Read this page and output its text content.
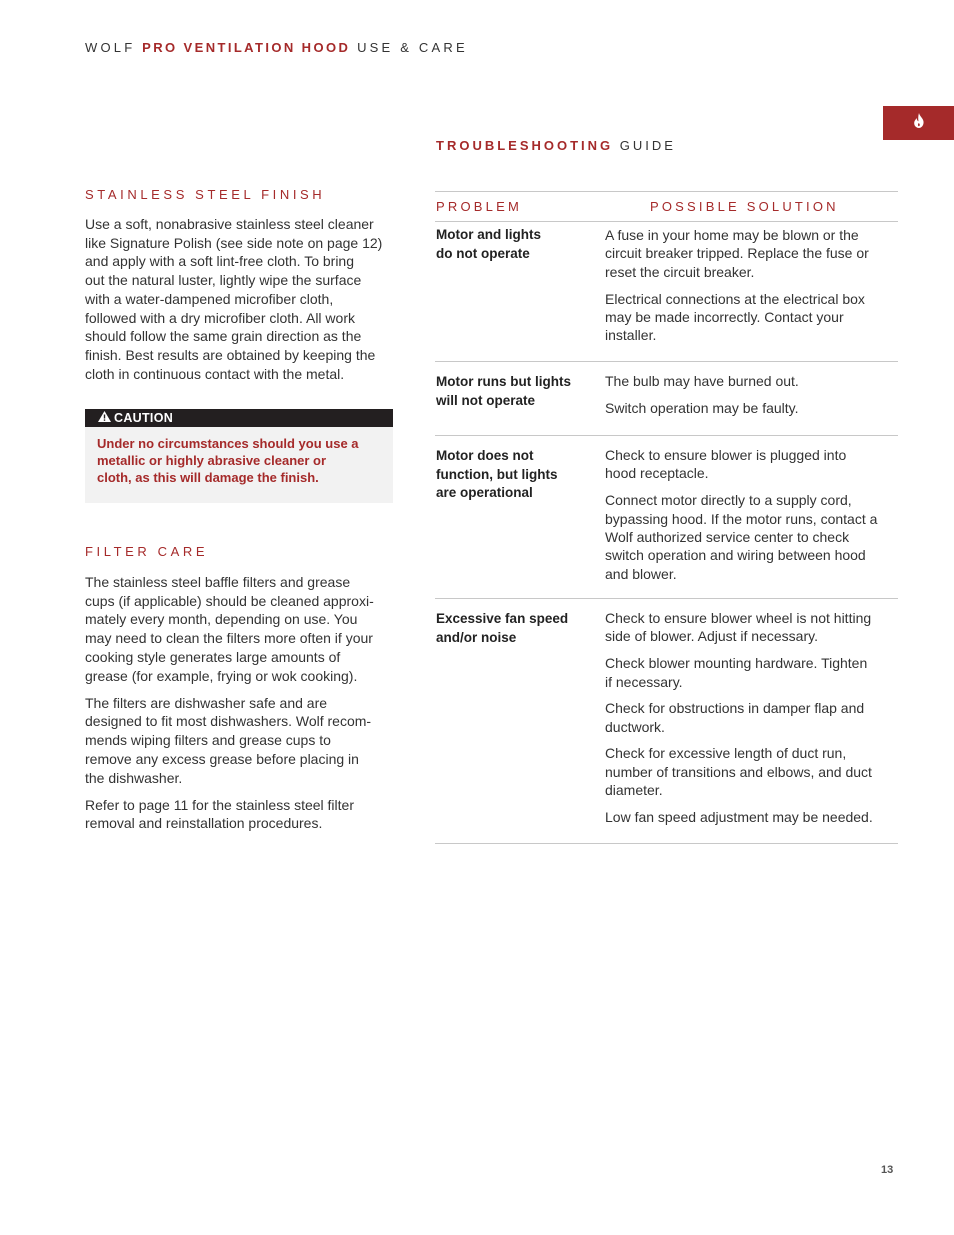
WOLF PRO VENTILATION HOOD USE & CARE
STAINLESS STEEL FINISH

Use a soft, nonabrasive stainless steel cleaner
like Signature Polish (see side note on page 12)
and apply with a soft lint-free cloth. To bring
out the natural luster, lightly wipe the surface
with a water-dampened microfiber cloth,
followed with a dry microfiber cloth. All work
should follow the same grain direction as the
finish. Best results are obtained by keeping the
cloth in continuous contact with the metal.

CAUTION
Under no circumstances should you use a
metallic or highly abrasive cleaner or
cloth, as this will damage the finish.
FILTER CARE

The stainless steel baffle filters and grease
cups (if applicable) should be cleaned approxi-
mately every month, depending on use. You
may need to clean the filters more often if your
cooking style generates large amounts of
grease (for example, frying or wok cooking).

The filters are dishwasher safe and are
designed to fit most dishwashers. Wolf recom-
mends wiping filters and grease cups to
remove any excess grease before placing in
the dishwasher.

Refer to page 11 for the stainless steel filter
removal and reinstallation procedures.

TROUBLESHOOTING GUIDE
PROBLEM	POSSIBLE SOLUTION
Motor and lights
do not operate

A fuse in your home may be blown or the
circuit breaker tripped. Replace the fuse or
reset the circuit breaker.

Electrical connections at the electrical box
may be made incorrectly. Contact your
installer.

Motor runs but lights
will not operate

The bulb may have burned out.

Switch operation may be faulty.

Motor does not
function, but lights
are operational

Check to ensure blower is plugged into
hood receptacle.

Connect motor directly to a supply cord,
bypassing hood. If the motor runs, contact a
Wolf authorized service center to check
switch operation and wiring between hood
and blower.

Excessive fan speed
and/or noise

Check to ensure blower wheel is not hitting
side of blower. Adjust if necessary.

Check blower mounting hardware. Tighten
if necessary.

Check for obstructions in damper flap and
ductwork.

Check for excessive length of duct run,
number of transitions and elbows, and duct
diameter.

Low fan speed adjustment may be needed.

13
